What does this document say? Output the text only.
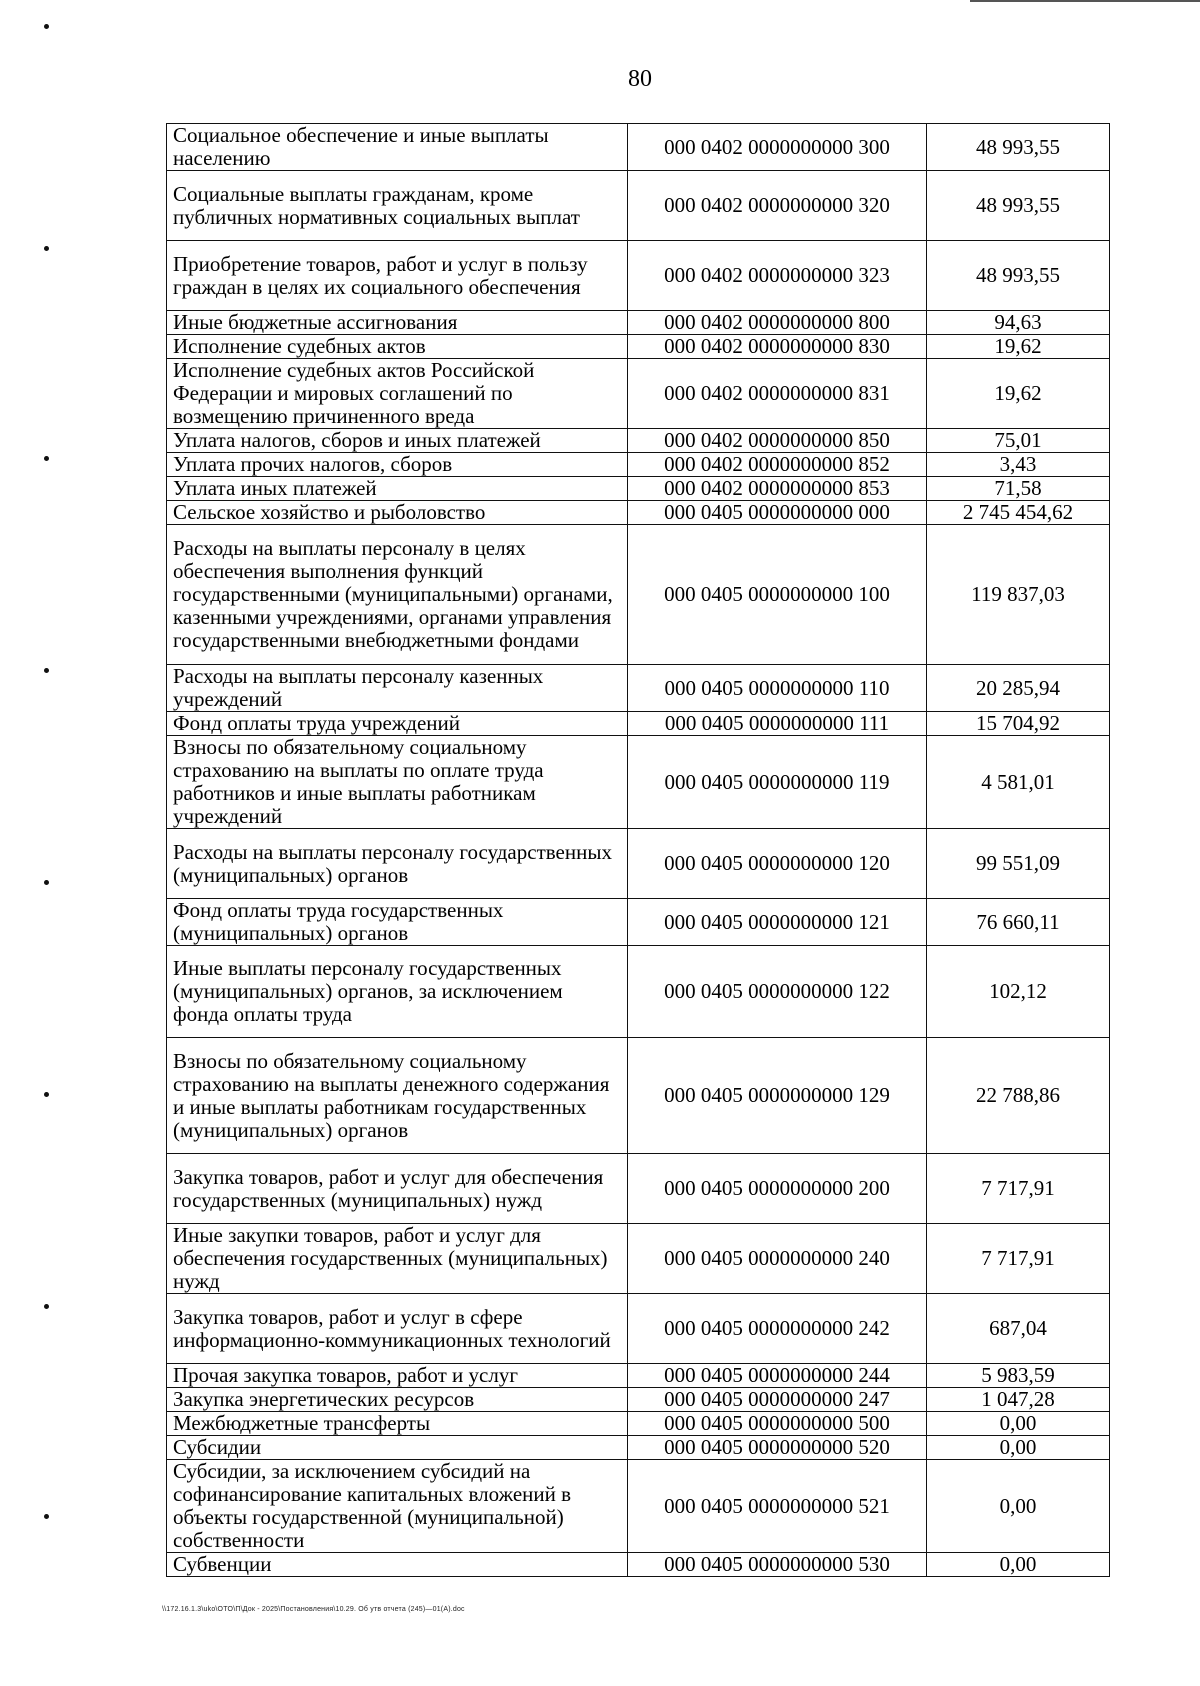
80
Социальное обеспечение и иные выплаты населению	000 0402 0000000000 300	48 993,55
Социальные выплаты гражданам, кроме публичных нормативных социальных выплат	000 0402 0000000000 320	48 993,55
Приобретение товаров, работ и услуг в пользу граждан в целях их социального обеспечения	000 0402 0000000000 323	48 993,55
Иные бюджетные ассигнования	000 0402 0000000000 800	94,63
Исполнение судебных актов	000 0402 0000000000 830	19,62
Исполнение судебных актов Российской Федерации и мировых соглашений по возмещению причиненного вреда	000 0402 0000000000 831	19,62
Уплата налогов, сборов и иных платежей	000 0402 0000000000 850	75,01
Уплата прочих налогов, сборов	000 0402 0000000000 852	3,43
Уплата иных платежей	000 0402 0000000000 853	71,58
Сельское хозяйство и рыболовство	000 0405 0000000000 000	2 745 454,62
Расходы на выплаты персоналу в целях обеспечения выполнения функций государственными (муниципальными) органами, казенными учреждениями, органами управления государственными внебюджетными фондами	000 0405 0000000000 100	119 837,03
Расходы на выплаты персоналу казенных учреждений	000 0405 0000000000 110	20 285,94
Фонд оплаты труда учреждений	000 0405 0000000000 111	15 704,92
Взносы по обязательному социальному страхованию на выплаты по оплате труда работников и иные выплаты работникам учреждений	000 0405 0000000000 119	4 581,01
Расходы на выплаты персоналу государственных (муниципальных) органов	000 0405 0000000000 120	99 551,09
Фонд оплаты труда государственных (муниципальных) органов	000 0405 0000000000 121	76 660,11
Иные выплаты персоналу государственных (муниципальных) органов, за исключением фонда оплаты труда	000 0405 0000000000 122	102,12
Взносы по обязательному социальному страхованию на выплаты денежного содержания и иные выплаты работникам государственных (муниципальных) органов	000 0405 0000000000 129	22 788,86
Закупка товаров, работ и услуг для обеспечения государственных (муниципальных) нужд	000 0405 0000000000 200	7 717,91
Иные закупки товаров, работ и услуг для обеспечения государственных (муниципальных) нужд	000 0405 0000000000 240	7 717,91
Закупка товаров, работ и услуг в сфере информационно-коммуникационных технологий	000 0405 0000000000 242	687,04
Прочая закупка товаров, работ и услуг	000 0405 0000000000 244	5 983,59
Закупка энергетических ресурсов	000 0405 0000000000 247	1 047,28
Межбюджетные трансферты	000 0405 0000000000 500	0,00
Субсидии	000 0405 0000000000 520	0,00
Субсидии, за исключением субсидий на софинансирование капитальных вложений в объекты государственной (муниципальной) собственности	000 0405 0000000000 521	0,00
Субвенции	000 0405 0000000000 530	0,00
\\172.16.1.3\uko\OTO\П\Док - 2025\Постановления\10.29. Об утв отчета (245)—01(А).doc
